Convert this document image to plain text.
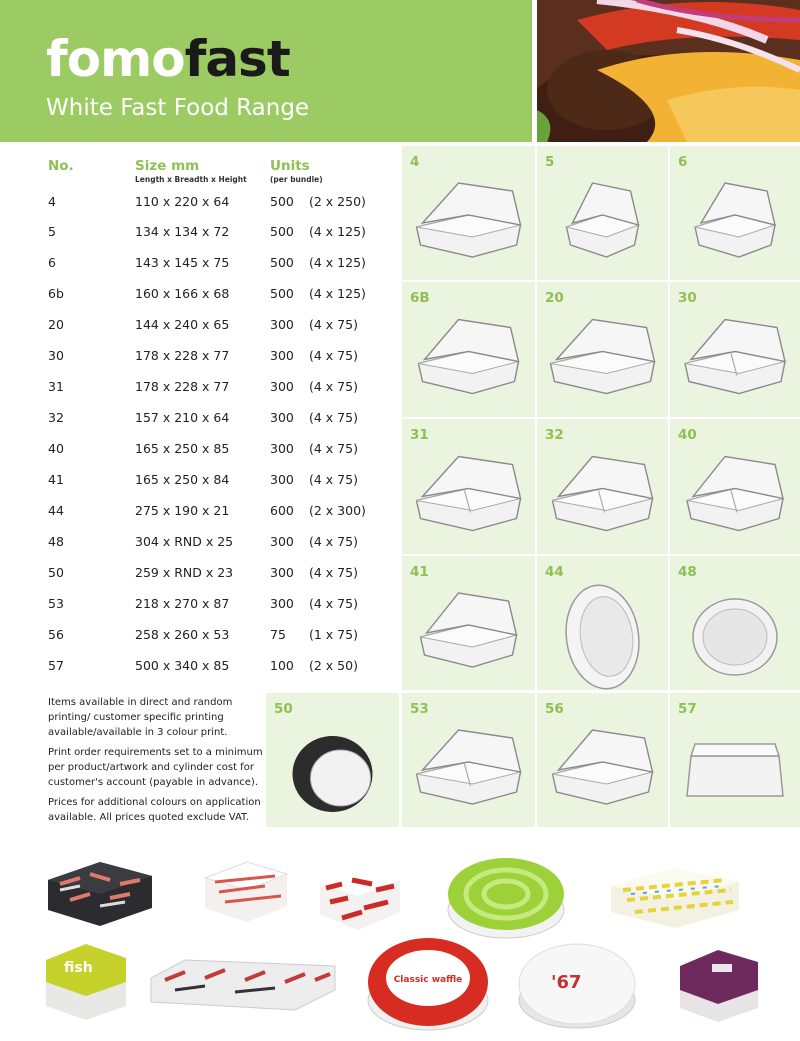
fomofast
White Fast Food Range
No.	Size mm
Length x Breadth x Height
Units
(per bundle)
4	110 x 220 x 64	500 (2 x 250)
5	134 x 134 x 72	500 (4 x 125)
6	143 x 145 x 75	500 (4 x 125)
6b	160 x 166 x 68	500 (4 x 125)
20	144 x 240 x 65	300 (4 x 75)
30	178 x 228 x 77	300 (4 x 75)
31	178 x 228 x 77	300 (4 x 75)
32	157 x 210 x 64	300 (4 x 75)
40	165 x 250 x 85	300 (4 x 75)
41	165 x 250 x 84	300 (4 x 75)
44	275 x 190 x 21	600 (2 x 300)
48	304 x RND x 25	300 (4 x 75)
50	259 x RND x 23	300 (4 x 75)
53	218 x 270 x 87	300 (4 x 75)
56	258 x 260 x 53	75 (1 x 75)
57	500 x 340 x 85	100 (2 x 50)

Items available in direct and random printing/ customer specific printing available/available in 3 colour print.

Print order requirements set to a minimum per product/artwork and cylinder cost for customer's account (payable in advance).

Prices for additional colours on application available. All prices quoted exclude VAT.

4	5	6
6B	20	30
31	32	40
41	44	48
50	53	56	57
fish
Classic waffle	'67
